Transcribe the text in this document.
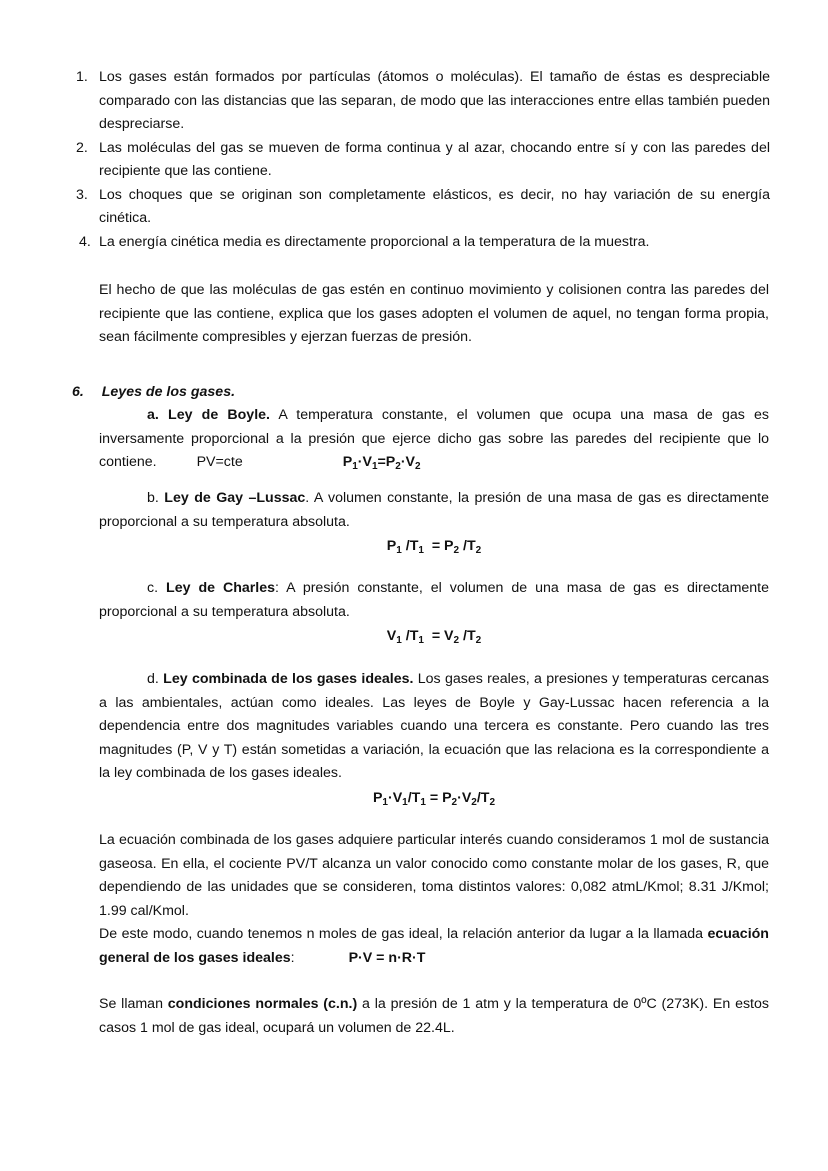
1. Los gases están formados por partículas (átomos o moléculas). El tamaño de éstas es despreciable comparado con las distancias que las separan, de modo que las interacciones entre ellas también pueden despreciarse.
2. Las moléculas del gas se mueven de forma continua y al azar, chocando entre sí y con las paredes del recipiente que las contiene.
3. Los choques que se originan son completamente elásticos, es decir, no hay variación de su energía cinética.
4. La energía cinética media es directamente proporcional a la temperatura de la muestra.

El hecho de que las moléculas de gas estén en continuo movimiento y colisionen contra las paredes del recipiente que las contiene, explica que los gases adopten el volumen de aquel, no tengan forma propia, sean fácilmente compresibles y ejerzan fuerzas de presión.

6. Leyes de los gases.

a. Ley de Boyle. A temperatura constante, el volumen que ocupa una masa de gas es inversamente proporcional a la presión que ejerce dicho gas sobre las paredes del recipiente que lo contiene.	PV=cte	$P_1\cdot V_1=P_2\cdot V_2$

b. Ley de Gay –Lussac. A volumen constante, la presión de una masa de gas es directamente proporcional a su temperatura absoluta.

$P_1$ $/T_1 = P_2$ $/T_2$

c. Ley de Charles: A presión constante, el volumen de una masa de gas es directamente proporcional a su temperatura absoluta.

$V_1$ $/T_1 = V_2$ $/T_2$

d. Ley combinada de los gases ideales. Los gases reales, a presiones y temperaturas cercanas a las ambientales, actúan como ideales. Las leyes de Boyle y Gay-Lussac hacen referencia a la dependencia entre dos magnitudes variables cuando una tercera es constante. Pero cuando las tres magnitudes (P, V y T) están sometidas a variación, la ecuación que las relaciona es la correspondiente a la ley combinada de los gases ideales.

$P_1\cdot V_1/T_1 = P_2\cdot V_2/T_2$

La ecuación combinada de los gases adquiere particular interés cuando consideramos 1 mol de sustancia gaseosa. En ella, el cociente PV/T alcanza un valor conocido como constante molar de los gases, R, que dependiendo de las unidades que se consideren, toma distintos valores: 0,082 atmL/Kmol; 8.31 J/Kmol; 1.99 cal/Kmol.

De este modo, cuando tenemos n moles de gas ideal, la relación anterior da lugar a la llamada ecuación general de los gases ideales:	P·V = n·R·T

Se llaman condiciones normales (c.n.) a la presión de 1 atm y la temperatura de 0ºC (273K). En estos casos 1 mol de gas ideal, ocupará un volumen de 22.4L.
